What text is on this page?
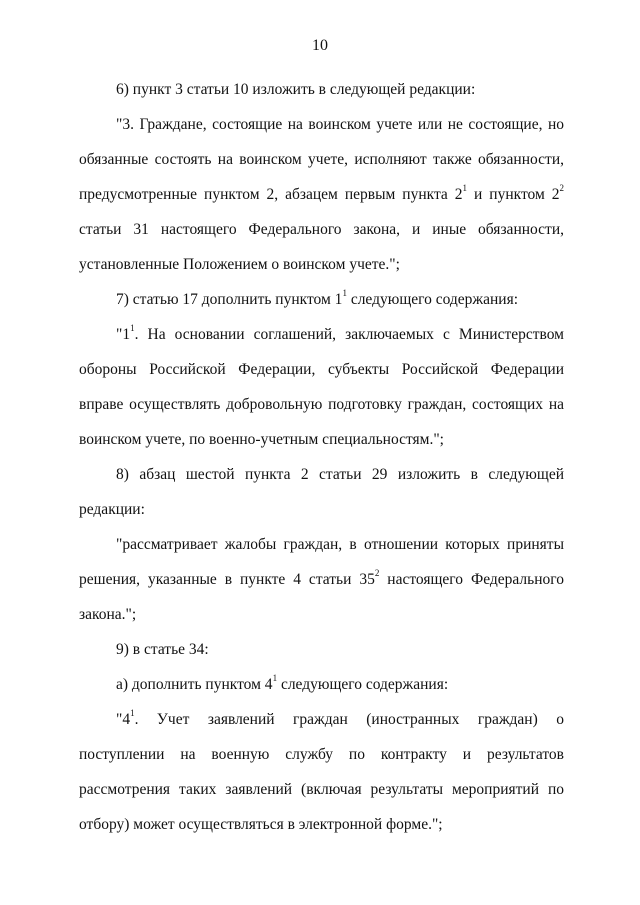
10

6) пункт 3 статьи 10 изложить в следующей редакции:

"3. Граждане, состоящие на воинском учете или не состоящие, но обязанные состоять на воинском учете, исполняют также обязанности, предусмотренные пунктом 2, абзацем первым пункта $2^1$ и пунктом $2^2$ статьи 31 настоящего Федерального закона, и иные обязанности, установленные Положением о воинском учете.";

7) статью 17 дополнить пунктом $1^1$ следующего содержания:

"$1^1$. На основании соглашений, заключаемых с Министерством обороны Российской Федерации, субъекты Российской Федерации вправе осуществлять добровольную подготовку граждан, состоящих на воинском учете, по военно-учетным специальностям.";

8) абзац шестой пункта 2 статьи 29 изложить в следующей редакции:

"рассматривает жалобы граждан, в отношении которых приняты решения, указанные в пункте 4 статьи $35^2$ настоящего Федерального закона.";

9) в статье 34:

а) дополнить пунктом $4^1$ следующего содержания:

"$4^1$. Учет заявлений граждан (иностранных граждан) о поступлении на военную службу по контракту и результатов рассмотрения таких заявлений (включая результаты мероприятий по отбору) может осуществляться в электронной форме.";
